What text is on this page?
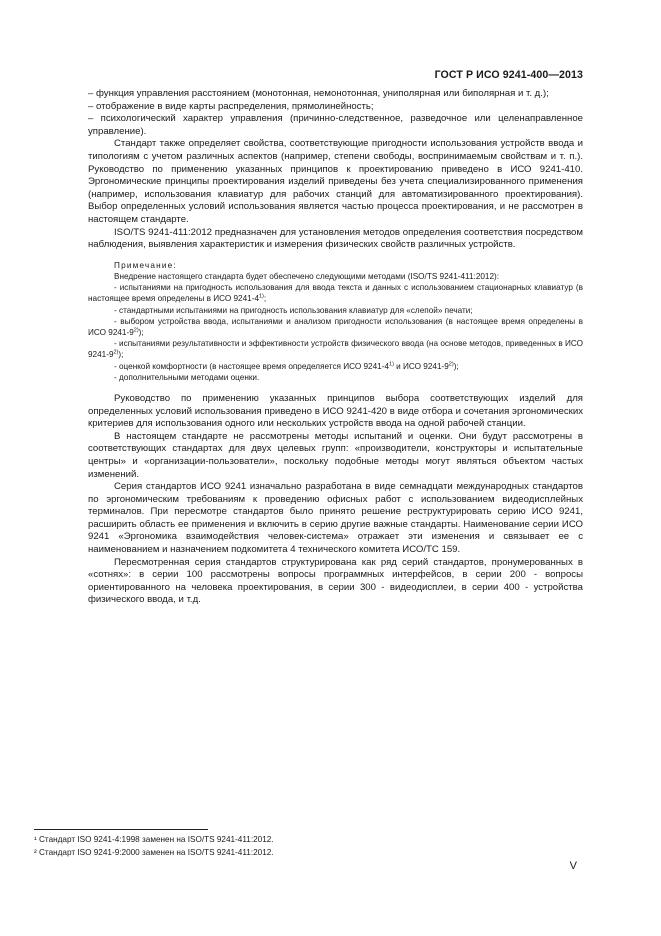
ГОСТ Р ИСО 9241-400—2013

– функция управления расстоянием (монотонная, немонотонная, униполярная или биполярная и т. д.);

– отображение в виде карты распределения, прямолинейность;

– психологический характер управления (причинно-следственное, разведочное или целенаправленное управление).

Стандарт также определяет свойства, соответствующие пригодности использования устройств ввода и типологиям с учетом различных аспектов (например, степени свободы, воспринимаемым свойствам и т. п.). Руководство по применению указанных принципов к проектированию приведено в ИСО 9241-410. Эргономические принципы проектирования изделий приведены без учета специализированного применения (например, использования клавиатур для рабочих станций для автоматизированного проектирования). Выбор определенных условий использования является частью процесса проектирования, и не рассмотрен в настоящем стандарте.

ISO/TS 9241-411:2012 предназначен для установления методов определения соответствия посредством наблюдения, выявления характеристик и измерения физических свойств различных устройств.

Примечание:

Внедрение настоящего стандарта будет обеспечено следующими методами (ISO/TS 9241-411:2012):

- испытаниями на пригодность использования для ввода текста и данных с использованием стационарных клавиатур (в настоящее время определены в ИСО 9241-4$^{1)}$;

- стандартными испытаниями на пригодность использования клавиатур для «слепой» печати;

- выбором устройства ввода, испытаниями и анализом пригодности использования (в настоящее время определены в ИСО 9241-9$^{2)}$);

- испытаниями результативности и эффективности устройств физического ввода (на основе методов, приведенных в ИСО 9241-9$^{2)}$);

- оценкой комфортности (в настоящее время определяется ИСО 9241-4$^{1)}$ и ИСО 9241-9$^{2)}$);

- дополнительными методами оценки.

Руководство по применению указанных принципов выбора соответствующих изделий для определенных условий использования приведено в ИСО 9241-420 в виде отбора и сочетания эргономических критериев для использования одного или нескольких устройств ввода на одной рабочей станции.

В настоящем стандарте не рассмотрены методы испытаний и оценки. Они будут рассмотрены в соответствующих стандартах для двух целевых групп: «производители, конструкторы и испытательные центры» и «организации-пользователи», поскольку подобные методы могут являться объектом частых изменений.

Серия стандартов ИСО 9241 изначально разработана в виде семнадцати международных стандартов по эргономическим требованиям к проведению офисных работ с использованием видеодисплейных терминалов. При пересмотре стандартов было принято решение реструктурировать серию ИСО 9241, расширить область ее применения и включить в серию другие важные стандарты. Наименование серии ИСО 9241 «Эргономика взаимодействия человек-система» отражает эти изменения и связывает ее с наименованием и назначением подкомитета 4 технического комитета ИСО/ТС 159.

Пересмотренная серия стандартов структурирована как ряд серий стандартов, пронумерованных в «сотнях»: в серии 100 рассмотрены вопросы программных интерфейсов, в серии 200 - вопросы ориентированного на человека проектирования, в серии 300 - видеодисплеи, в серии 400 - устройства физического ввода, и т.д.

¹ Стандарт ISO 9241-4:1998 заменен на ISO/TS 9241-411:2012.
² Стандарт ISO 9241-9:2000 заменен на ISO/TS 9241-411:2012.
V
